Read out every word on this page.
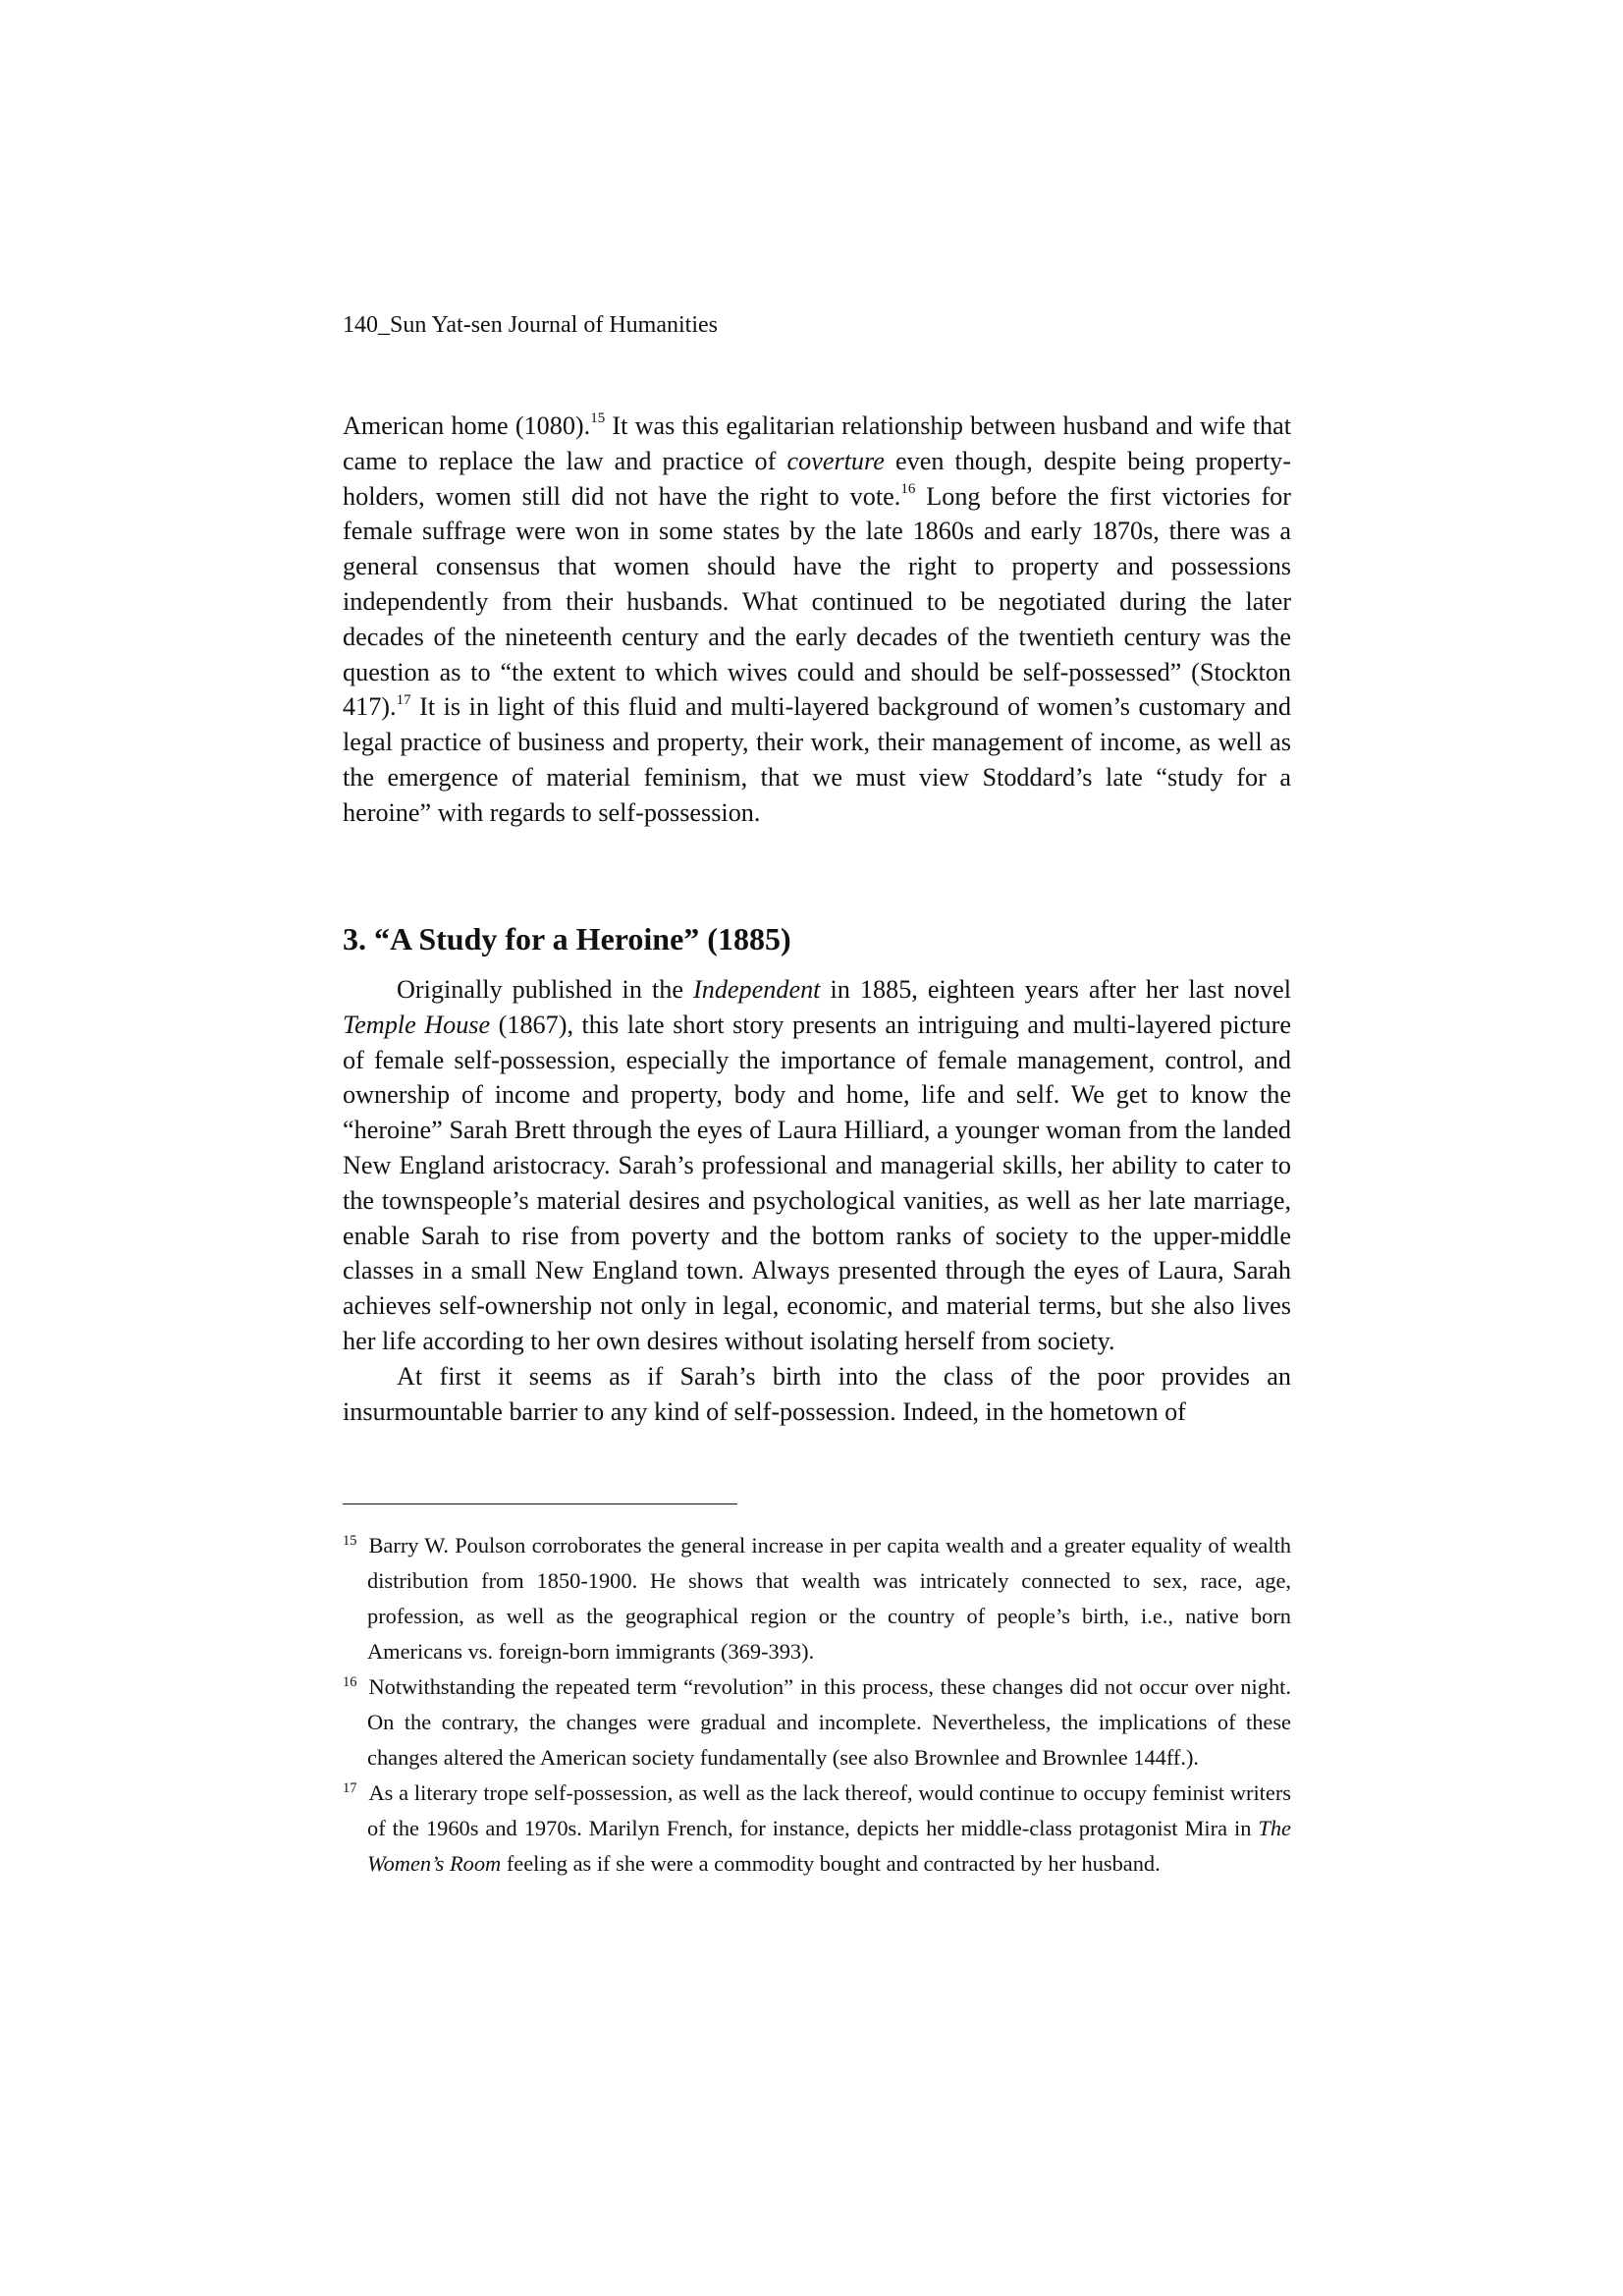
140_Sun Yat-sen Journal of Humanities

American home (1080).$^{15}$ It was this egalitarian relationship between husband and wife that came to replace the law and practice of coverture even though, despite being property-holders, women still did not have the right to vote.$^{16}$ Long before the first victories for female suffrage were won in some states by the late 1860s and early 1870s, there was a general consensus that women should have the right to property and possessions independently from their husbands. What continued to be negotiated during the later decades of the nineteenth century and the early decades of the twentieth century was the question as to “the extent to which wives could and should be self-possessed” (Stockton 417).$^{17}$ It is in light of this fluid and multi-layered background of women’s customary and legal practice of business and property, their work, their management of income, as well as the emergence of material feminism, that we must view Stoddard’s late “study for a heroine” with regards to self-possession.

3. “A Study for a Heroine” (1885)

Originally published in the Independent in 1885, eighteen years after her last novel Temple House (1867), this late short story presents an intriguing and multi-layered picture of female self-possession, especially the importance of female management, control, and ownership of income and property, body and home, life and self. We get to know the “heroine” Sarah Brett through the eyes of Laura Hilliard, a younger woman from the landed New England aristocracy. Sarah’s professional and managerial skills, her ability to cater to the townspeople’s material desires and psychological vanities, as well as her late marriage, enable Sarah to rise from poverty and the bottom ranks of society to the upper-middle classes in a small New England town. Always presented through the eyes of Laura, Sarah achieves self-ownership not only in legal, economic, and material terms, but she also lives her life according to her own desires without isolating herself from society.

At first it seems as if Sarah’s birth into the class of the poor provides an insurmountable barrier to any kind of self-possession. Indeed, in the hometown of

15 Barry W. Poulson corroborates the general increase in per capita wealth and a greater equality of wealth distribution from 1850-1900. He shows that wealth was intricately connected to sex, race, age, profession, as well as the geographical region or the country of people’s birth, i.e., native born Americans vs. foreign-born immigrants (369-393).

16 Notwithstanding the repeated term “revolution” in this process, these changes did not occur over night. On the contrary, the changes were gradual and incomplete. Nevertheless, the implications of these changes altered the American society fundamentally (see also Brownlee and Brownlee 144ff.).

17 As a literary trope self-possession, as well as the lack thereof, would continue to occupy feminist writers of the 1960s and 1970s. Marilyn French, for instance, depicts her middle-class protagonist Mira in The Women’s Room feeling as if she were a commodity bought and contracted by her husband.
